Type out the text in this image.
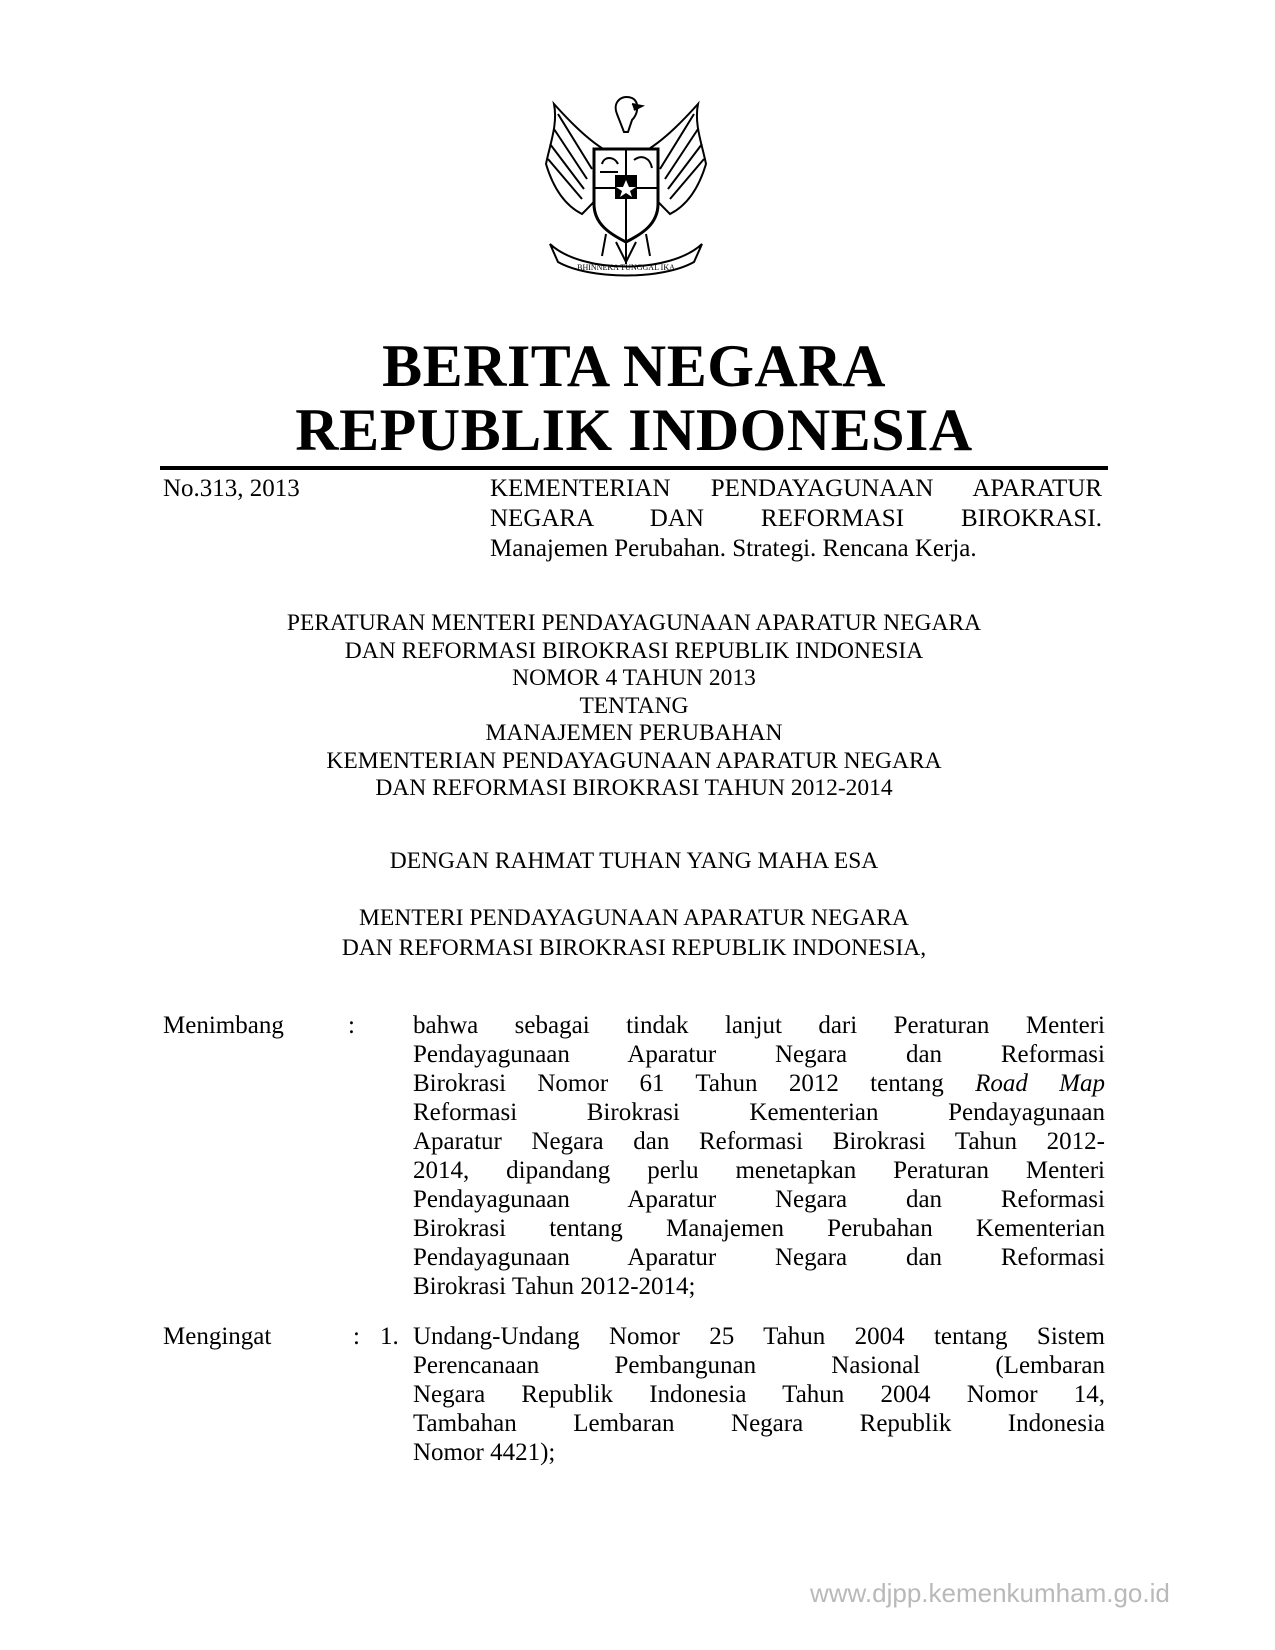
BHINNEKA TUNGGAL IKA
BERITA NEGARA
REPUBLIK INDONESIA
No.313, 2013	KEMENTERIAN PENDAYAGUNAAN APARATUR
NEGARA DAN REFORMASI BIROKRASI.
Manajemen Perubahan. Strategi. Rencana Kerja.
PERATURAN MENTERI PENDAYAGUNAAN APARATUR NEGARA
DAN REFORMASI BIROKRASI REPUBLIK INDONESIA
NOMOR 4 TAHUN 2013
TENTANG
MANAJEMEN PERUBAHAN
KEMENTERIAN PENDAYAGUNAAN APARATUR NEGARA
DAN REFORMASI BIROKRASI TAHUN 2012-2014
DENGAN RAHMAT TUHAN YANG MAHA ESA
MENTERI PENDAYAGUNAAN APARATUR NEGARA
DAN REFORMASI BIROKRASI REPUBLIK INDONESIA,
Menimbang	: bahwa sebagai tindak lanjut dari Peraturan Menteri
Pendayagunaan Aparatur Negara dan Reformasi
Birokrasi Nomor 61 Tahun 2012 tentang Road Map
Reformasi Birokrasi Kementerian Pendayagunaan
Aparatur Negara dan Reformasi Birokrasi Tahun 2012-
2014, dipandang perlu menetapkan Peraturan Menteri
Pendayagunaan Aparatur Negara dan Reformasi
Birokrasi tentang Manajemen Perubahan Kementerian
Pendayagunaan Aparatur Negara dan Reformasi
Birokrasi Tahun 2012-2014;
Mengingat	: 1. Undang-Undang Nomor 25 Tahun 2004 tentang Sistem
Perencanaan Pembangunan Nasional (Lembaran
Negara Republik Indonesia Tahun 2004 Nomor 14,
Tambahan Lembaran Negara Republik Indonesia
Nomor 4421);
www.djpp.kemenkumham.go.id
